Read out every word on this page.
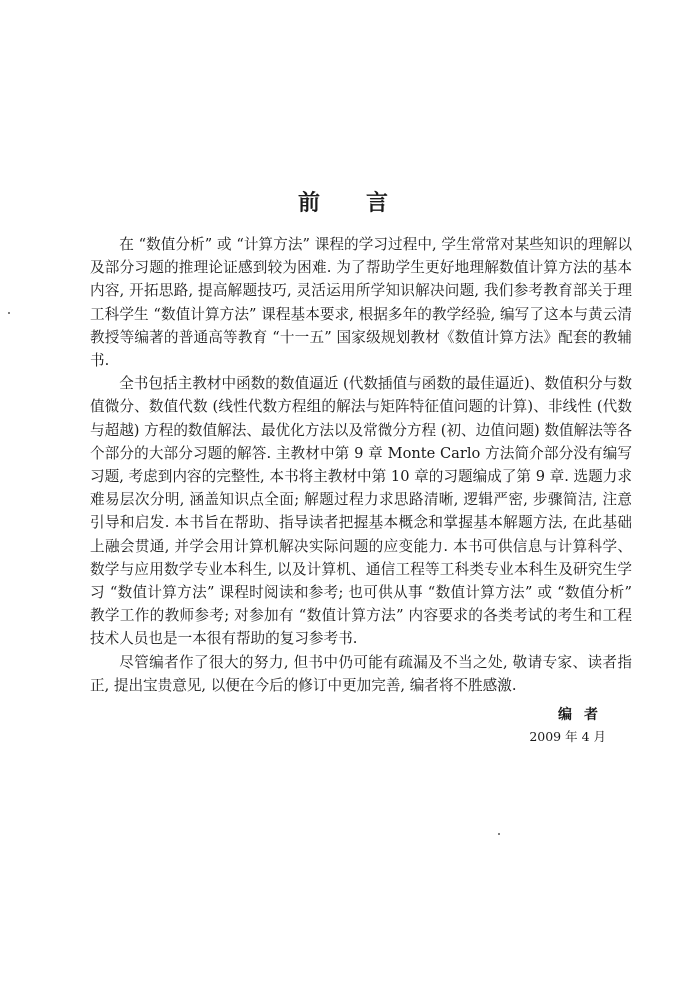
前 言

在 “数值分析” 或 “计算方法” 课程的学习过程中, 学生常常对某些知识的理解以及部分习题的推理论证感到较为困难. 为了帮助学生更好地理解数值计算方法的基本内容, 开拓思路, 提高解题技巧, 灵活运用所学知识解决问题, 我们参考教育部关于理工科学生 “数值计算方法” 课程基本要求, 根据多年的教学经验, 编写了这本与黄云清教授等编著的普通高等教育 “十一五” 国家级规划教材《数值计算方法》配套的教辅书.

全书包括主教材中函数的数值逼近 (代数插值与函数的最佳逼近)、数值积分与数值微分、数值代数 (线性代数方程组的解法与矩阵特征值问题的计算)、非线性 (代数与超越) 方程的数值解法、最优化方法以及常微分方程 (初、边值问题) 数值解法等各个部分的大部分习题的解答. 主教材中第 9 章 Monte Carlo 方法简介部分没有编写习题, 考虑到内容的完整性, 本书将主教材中第 10 章的习题编成了第 9 章. 选题力求难易层次分明, 涵盖知识点全面; 解题过程力求思路清晰, 逻辑严密, 步骤简洁, 注意引导和启发. 本书旨在帮助、指导读者把握基本概念和掌握基本解题方法, 在此基础上融会贯通, 并学会用计算机解决实际问题的应变能力. 本书可供信息与计算科学、数学与应用数学专业本科生, 以及计算机、通信工程等工科类专业本科生及研究生学习 “数值计算方法” 课程时阅读和参考; 也可供从事 “数值计算方法” 或 “数值分析” 教学工作的教师参考; 对参加有 “数值计算方法” 内容要求的各类考试的考生和工程技术人员也是一本很有帮助的复习参考书.

尽管编者作了很大的努力, 但书中仍可能有疏漏及不当之处, 敬请专家、读者指正, 提出宝贵意见, 以便在今后的修订中更加完善, 编者将不胜感激.

编者
2009 年 4 月
